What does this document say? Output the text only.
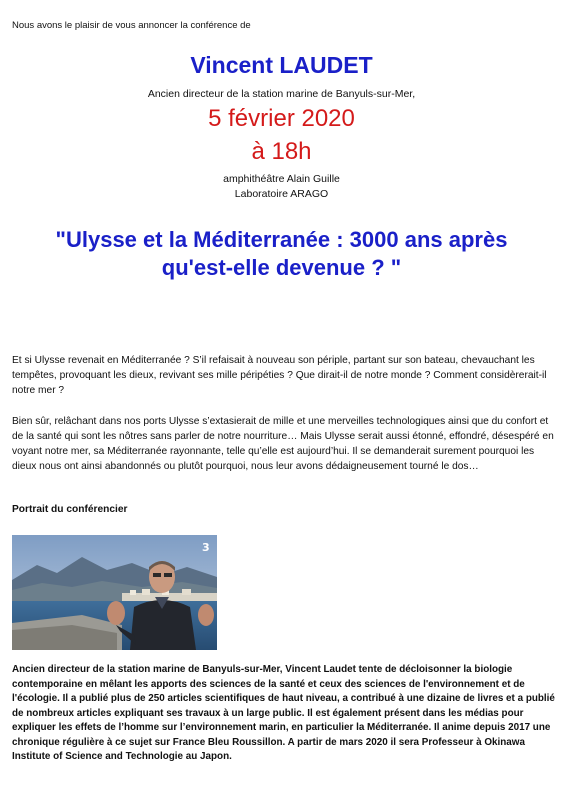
Nous avons le plaisir de vous annoncer la conférence de
Vincent LAUDET
Ancien directeur de la station marine de Banyuls-sur-Mer,
5 février 2020
à 18h
amphithéâtre Alain Guille
Laboratoire ARAGO
"Ulysse et la Méditerranée : 3000 ans après
qu'est-elle devenue ? "

Et si Ulysse revenait en Méditerranée ? S’il refaisait à nouveau son périple, partant sur son bateau, chevauchant les tempêtes, provoquant les dieux, revivant ses mille péripéties ? Que dirait-il de notre monde ? Comment considèrerait-il notre mer ?

Bien sûr, relâchant dans nos ports Ulysse s’extasierait de mille et une merveilles technologiques ainsi que du confort et de la santé qui sont les nôtres sans parler de notre nourriture… Mais Ulysse serait aussi étonné, effondré, désespéré en voyant notre mer, sa Méditerranée rayonnante, telle qu’elle est aujourd’hui. Il se demanderait surement pourquoi les dieux nous ont ainsi abandonnés ou plutôt pourquoi, nous leur avons dédaigneusement tourné le dos…

Portrait du conférencier

3

Ancien directeur de la station marine de Banyuls-sur-Mer, Vincent Laudet tente de décloisonner la biologie contemporaine en mêlant les apports des sciences de la santé et ceux des sciences de l'environnement et de l'écologie. Il a publié plus de 250 articles scientifiques de haut niveau, a contribué à une dizaine de livres et a publié de nombreux articles expliquant ses travaux à un large public. Il est également présent dans les médias pour expliquer les effets de l’homme sur l’environnement marin, en particulier la Méditerranée. Il anime depuis 2017 une chronique régulière à ce sujet sur France Bleu Roussillon. A partir de mars 2020 il sera Professeur à Okinawa Institute of Science and Technologie au Japon.
